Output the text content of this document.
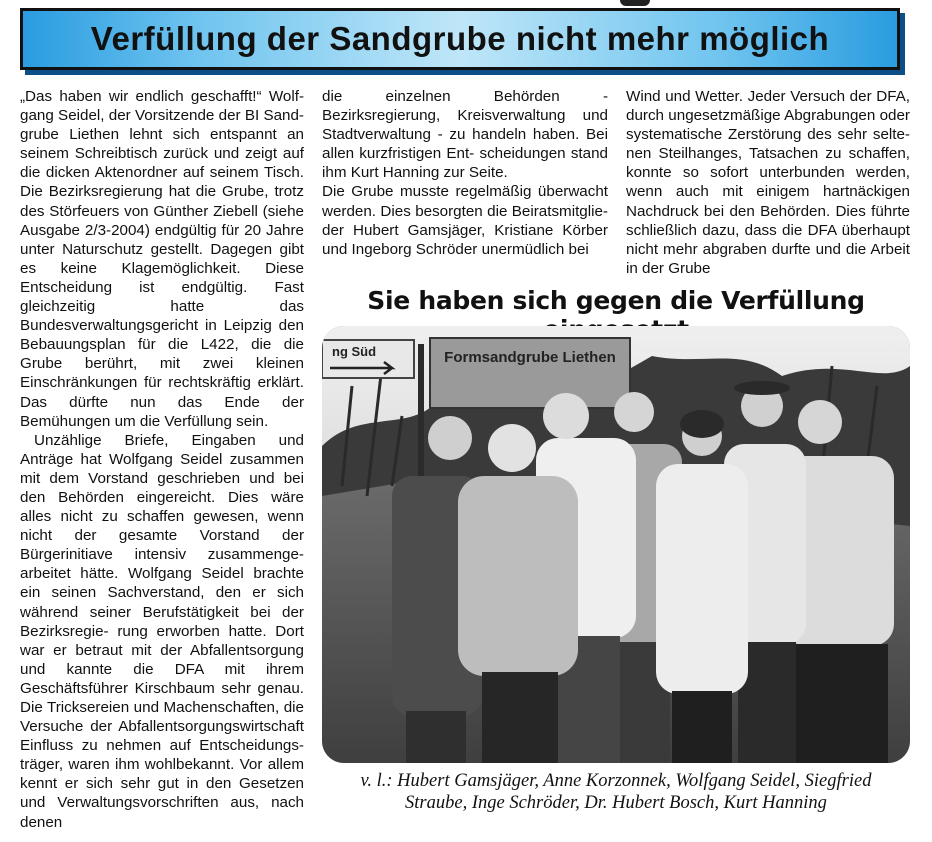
Verfüllung der Sandgrube nicht mehr möglich

„Das haben wir endlich geschafft!“ Wolf- gang Seidel, der Vorsitzende der BI Sand- grube Liethen lehnt sich entspannt an seinem Schreibtisch zurück und zeigt auf die dicken Aktenordner auf seinem Tisch. Die Bezirksregierung hat die Grube, trotz des Störfeuers von Günther Ziebell (siehe Ausgabe 2/3-2004) endgültig für 20 Jahre unter Naturschutz gestellt. Dagegen gibt es keine Klagemöglichkeit. Diese Entscheidung ist endgültig. Fast gleichzeitig hatte das Bundesverwaltungsgericht in Leipzig den Bebauungsplan für die L422, die die Grube berührt, mit zwei kleinen Einschränkungen für rechtskräftig erklärt. Das dürfte nun das Ende der Bemühungen um die Verfüllung sein.

Unzählige Briefe, Eingaben und Anträge hat Wolfgang Seidel zusammen mit dem Vorstand geschrieben und bei den Behörden eingereicht. Dies wäre alles nicht zu schaffen gewesen, wenn nicht der gesamte Vorstand der Bürgerinitiave intensiv zusammenge- arbeitet hätte. Wolfgang Seidel brachte ein seinen Sachverstand, den er sich während seiner Berufstätigkeit bei der Bezirksregie- rung erworben hatte. Dort war er betraut mit der Abfallentsorgung und kannte die DFA mit ihrem Geschäftsführer Kirschbaum sehr genau. Die Tricksereien und Machenschaften, die Versuche der Abfallentsorgungswirtschaft Einfluss zu nehmen auf Entscheidungs- träger, waren ihm wohlbekannt. Vor allem kennt er sich sehr gut in den Gesetzen und Verwaltungsvorschriften aus, nach denen

die einzelnen Behörden - Bezirksregierung, Kreisverwaltung und Stadtverwaltung - zu handeln haben. Bei allen kurzfristigen Ent- scheidungen stand ihm Kurt Hanning zur Seite.

Die Grube musste regelmäßig überwacht werden. Dies besorgten die Beiratsmitglie- der Hubert Gamsjäger, Kristiane Körber und Ingeborg Schröder unermüdlich bei

Wind und Wetter. Jeder Versuch der DFA, durch ungesetzmäßige Abgrabungen oder systematische Zerstörung des sehr selte- nen Steilhanges, Tatsachen zu schaffen, konnte so sofort unterbunden werden, wenn auch mit einigem hartnäckigen Nachdruck bei den Behörden. Dies führte schließlich dazu, dass die DFA überhaupt nicht mehr abgraben durfte und die Arbeit in der Grube

Sie haben sich gegen die Verfüllung
Formsandgrube Liethen
ng Süd
v. l.: Hubert Gamsjäger, Anne Korzonnek, Wolfgang Seidel, Siegfried
Straube, Inge Schröder, Dr. Hubert Bosch, Kurt Hanning
